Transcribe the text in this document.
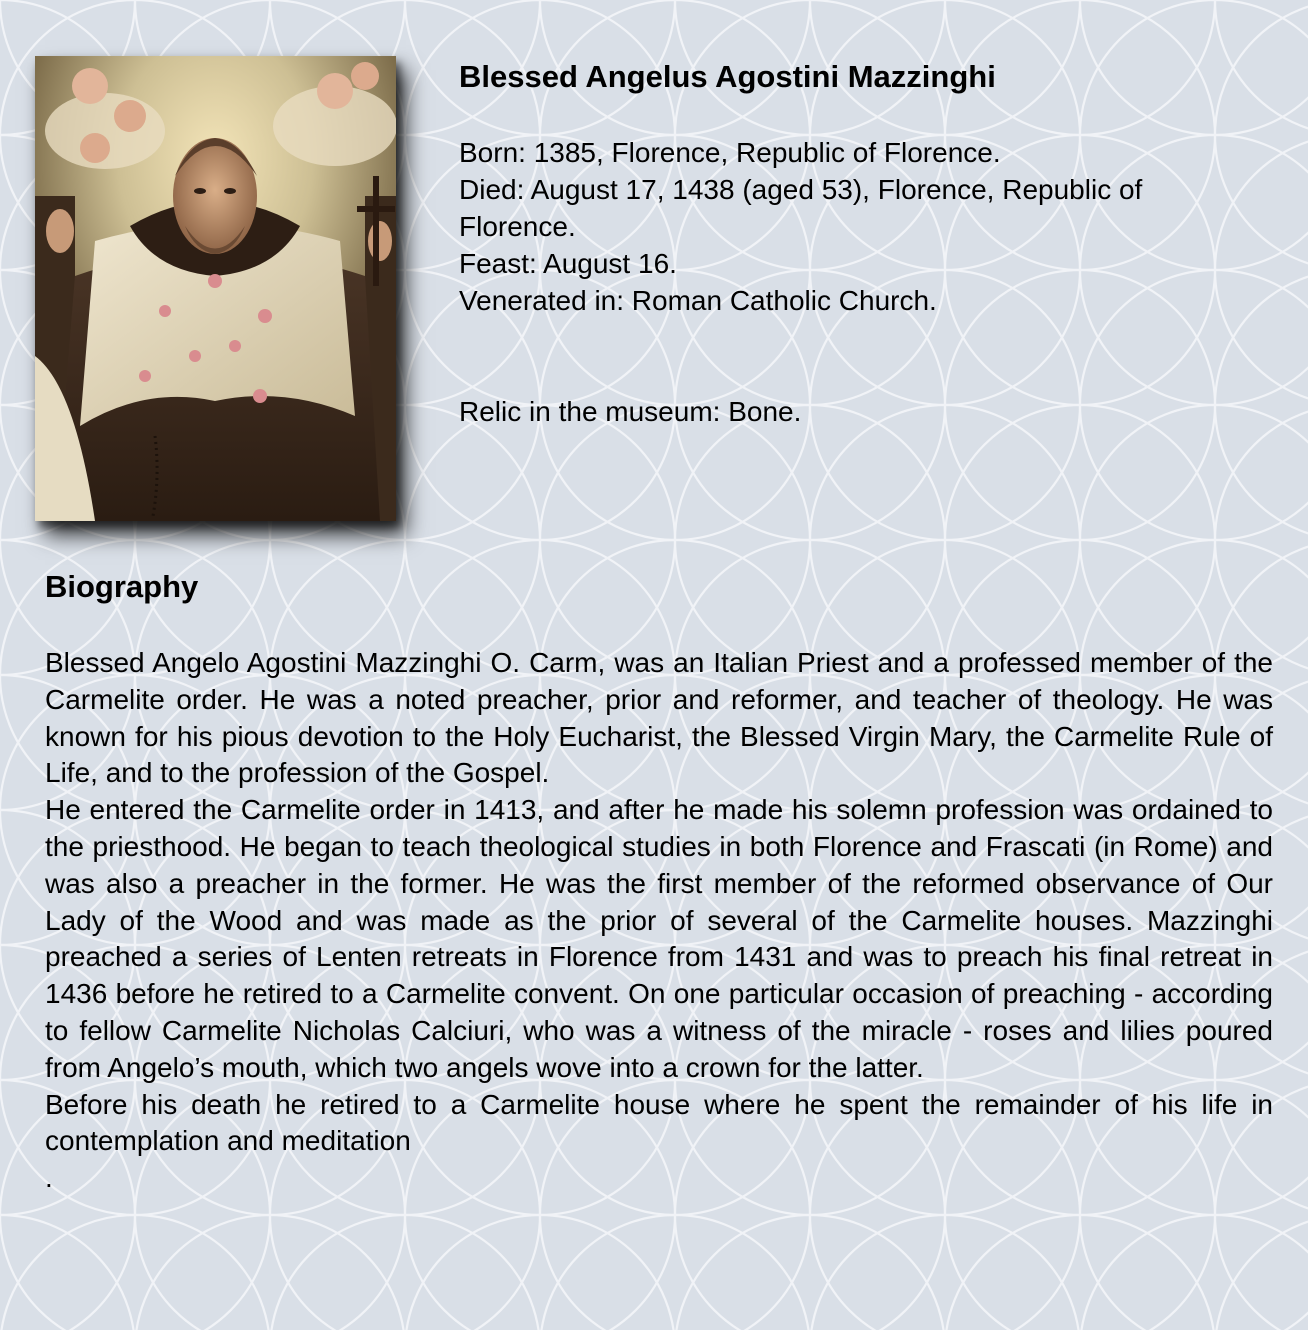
Blessed Angelus Agostini Mazzinghi
Born: 1385, Florence, Republic of Florence.
Died: August 17, 1438 (aged 53), Florence, Republic of Florence.
Feast: August 16.
Venerated in: Roman Catholic Church.
Relic in the museum: Bone.
Biography

Blessed Angelo Agostini Mazzinghi O. Carm, was an Italian Priest and a professed member of the Carmelite order. He was a noted preacher, prior and reformer, and teacher of theology. He was known for his pious devotion to the Holy Eucharist, the Blessed Virgin Mary, the Carmelite Rule of Life, and to the profession of the Gospel.

He entered the Carmelite order in 1413, and after he made his solemn profession was ordained to the priesthood. He began to teach theological studies in both Florence and Frascati (in Rome) and was also a preacher in the former. He was the first member of the reformed observance of Our Lady of the Wood and was made as the prior of several of the Carmelite houses. Mazzinghi preached a series of Lenten retreats in Florence from 1431 and was to preach his final retreat in 1436 before he retired to a Carmelite convent. On one particular occasion of preaching - according to fellow Carmelite Nicholas Calciuri, who was a witness of the miracle - roses and lilies poured from Angelo’s mouth, which two angels wove into a crown for the latter.

Before his death he retired to a Carmelite house where he spent the remainder of his life in contemplation and meditation

.
